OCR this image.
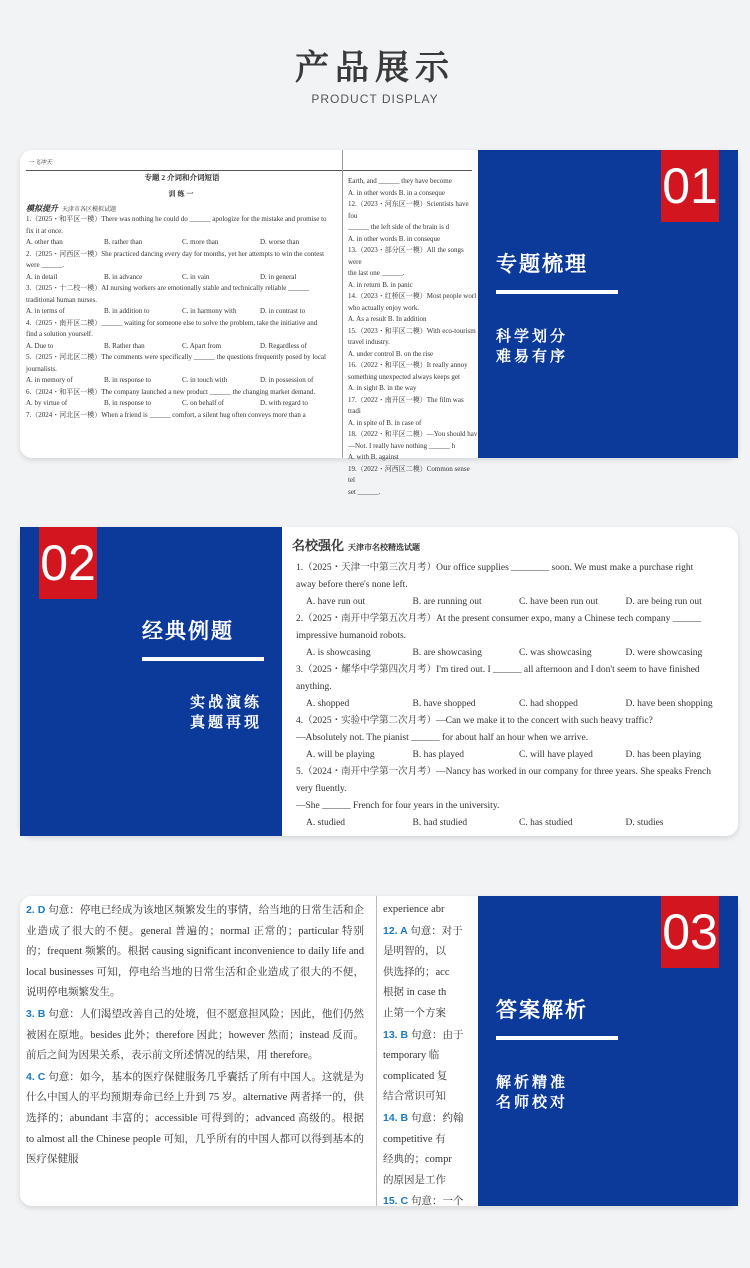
产品展示
PRODUCT DISPLAY
一飞冲天
专题 2 介词和介词短语
训练一
模拟提升 天津市各区模拟试题
1.（2025・和平区一模）There was nothing he could do ______ apologize for the mistake and promise to
fix it at once.
A. other than	B. rather than	C. more than	D. worse than
2.（2025・河西区一模）She practiced dancing every day for months, yet her attempts to win the contest
were ______.
A. in detail	B. in advance	C. in vain	D. in general
3.（2025・十二校一模）AI nursing workers are emotionally stable and technically reliable ______
traditional human nurses.
A. in terms of	B. in addition to	C. in harmony with	D. in contrast to
4.（2025・南开区二模）______ waiting for someone else to solve the problem, take the initiative and
find a solution yourself.
A. Due to	B. Rather than	C. Apart from	D. Regardless of
5.（2025・河北区二模）The comments were specifically ______ the questions frequently posed by local
journalists.
A. in memory of	B. in response to	C. in touch with	D. in possession of
6.（2024・和平区一模）The company launched a new product ______ the changing market demand.
A. by virtue of	B. in response to	C. on behalf of	D. with regard to
7.（2024・河北区一模）When a friend is ______ comfort, a silent hug often conveys more than a
Earth, and ______ they have become
A. in other words B. in a conseque
12.（2023・河东区一模）Scientists have fou
______ the left side of the brain is d
A. in other words B. in conseque
13.（2023・部分区一模）All the songs were
the last one ______.
A. in return B. in panic
14.（2023・红桥区一模）Most people worl
who actually enjoy work.
A. As a result B. In addition
15.（2023・和平区二模）With eco-tourism
travel industry.
A. under control B. on the rise
16.（2022・和平区一模）It really annoy
something unexpected always keeps get
A. in sight B. in the way
17.（2022・南开区一模）The film was tradi
A. in spite of B. in case of
18.（2022・和平区二模）—You should hav
—Not. I really have nothing ______ h
A. with B. against
19.（2022・河西区二模）Common sense tel
set ______.
01
专题梳理
科学划分
难易有序
02
经典例题
实战演练
真题再现
名校强化 天津市名校精选试题
1.（2025・天津一中第三次月考）Our office supplies ________ soon. We must make a purchase right
away before there's none left.
A. have run out	B. are running out	C. have been run out	D. are being run out
2.（2025・南开中学第五次月考）At the present consumer expo, many a Chinese tech company ______
impressive humanoid robots.
A. is showcasing	B. are showcasing	C. was showcasing	D. were showcasing
3.（2025・耀华中学第四次月考）I'm tired out. I ______ all afternoon and I don't seem to have finished
anything.
A. shopped	B. have shopped	C. had shopped	D. have been shopping
4.（2025・实验中学第二次月考）—Can we make it to the concert with such heavy traffic?
—Absolutely not. The pianist ______ for about half an hour when we arrive.
A. will be playing	B. has played	C. will have played	D. has been playing
5.（2024・南开中学第一次月考）—Nancy has worked in our company for three years. She speaks French
very fluently.
—She ______ French for four years in the university.
A. studied	B. had studied	C. has studied	D. studies
2. D 句意：停电已经成为该地区频繁发生的事情，给当地的日常生活和企业造成了很大的不便。general 普遍的；normal 正常的；particular 特别的；frequent 频繁的。根据 causing significant inconvenience to daily life and local businesses 可知，停电给当地的日常生活和企业造成了很大的不便，说明停电频繁发生。
3. B 句意：人们渴望改善自己的处境，但不愿意担风险；因此，他们仍然被困在原地。besides 此外；therefore 因此；however 然而；instead 反而。前后之间为因果关系，表示前文所述情况的结果，用 therefore。
4. C 句意：如今，基本的医疗保健服务几乎囊括了所有中国人。这就是为什么中国人的平均预期寿命已经上升到 75 岁。alternative 两者择一的，供选择的；abundant 丰富的；accessible 可得到的；advanced 高级的。根据 to almost all the Chinese people 可知，几乎所有的中国人都可以得到基本的医疗保健服
experience abr
12. A 句意：对于
是明智的，以
供选择的；acc
根据 in case th
止第一个方案
13. B 句意：由于
temporary 临
complicated 复
结合常识可知
14. B 句意：约翰
competitive 有
经典的；compr
的原因是工作
15. C 句意：一个
03
答案解析
解析精准
名师校对
